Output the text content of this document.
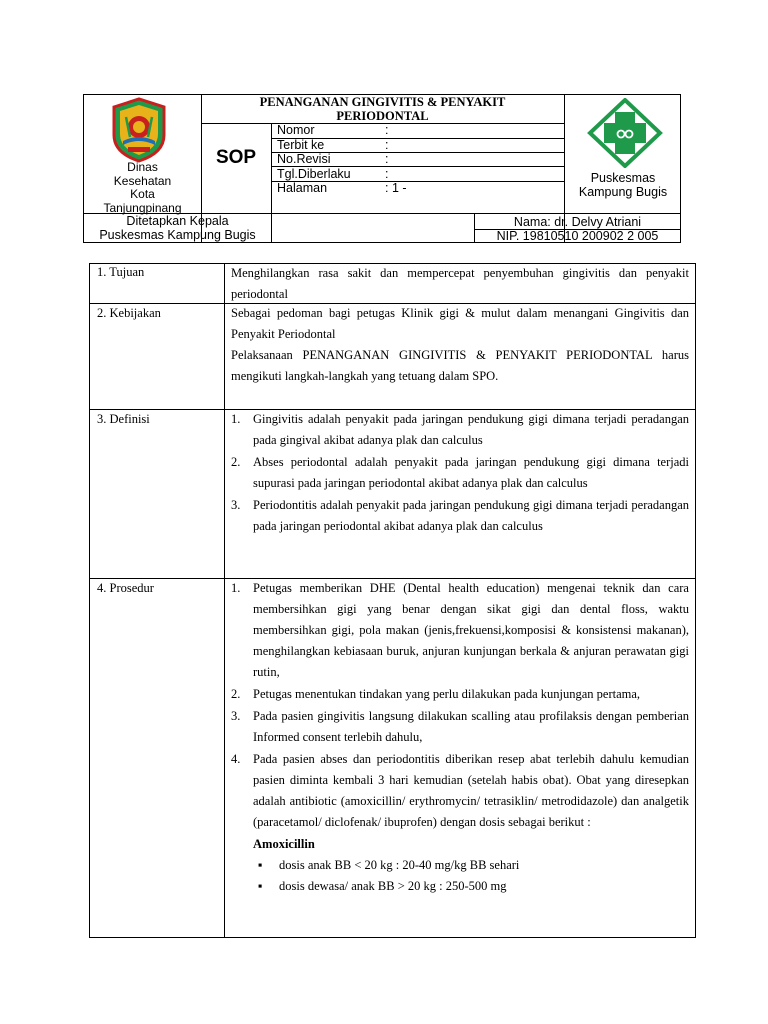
Dinas
Kesehatan
Kota
Tanjungpinang
PENANGANAN GINGIVITIS & PENYAKIT
PERIODONTAL
SOP
Nomor	:
Terbit ke	:
No.Revisi	:
Tgl.Diberlaku	:
Halaman	: 1 -
Puskesmas
Kampung Bugis
Ditetapkan Kepala
Puskesmas Kampung Bugis
Nama: dr. Delvy Atriani
NIP. 19810510 200902 2 005
1. Tujuan	Menghilangkan rasa sakit dan mempercepat penyembuhan gingivitis dan penyakit periodontal
2. Kebijakan	Sebagai pedoman bagi petugas Klinik gigi & mulut dalam menangani Gingivitis dan Penyakit Periodontal
Pelaksanaan PENANGANAN GINGIVITIS & PENYAKIT PERIODONTAL harus mengikuti langkah-langkah yang tetuang dalam SPO.
3. Definisi	1. Gingivitis adalah penyakit pada jaringan pendukung gigi dimana terjadi peradangan pada gingival akibat adanya plak dan calculus
2. Abses periodontal adalah penyakit pada jaringan pendukung gigi dimana terjadi supurasi pada jaringan periodontal akibat adanya plak dan calculus
3. Periodontitis adalah penyakit pada jaringan pendukung gigi dimana terjadi peradangan pada jaringan periodontal akibat adanya plak dan calculus
4. Prosedur	1. Petugas memberikan DHE (Dental health education) mengenai teknik dan cara membersihkan gigi yang benar dengan sikat gigi dan dental floss, waktu membersihkan gigi, pola makan (jenis,frekuensi,komposisi & konsistensi makanan), menghilangkan kebiasaan buruk, anjuran kunjungan berkala & anjuran perawatan gigi rutin,
2. Petugas menentukan tindakan yang perlu dilakukan pada kunjungan pertama,
3. Pada pasien gingivitis langsung dilakukan scalling atau profilaksis dengan pemberian Informed consent terlebih dahulu,
4. Pada pasien abses dan periodontitis diberikan resep abat terlebih dahulu kemudian pasien diminta kembali 3 hari kemudian (setelah habis obat). Obat yang diresepkan adalah antibiotic (amoxicillin/ erythromycin/ tetrasiklin/ metrodidazole) dan analgetik (paracetamol/ diclofenak/ ibuprofen) dengan dosis sebagai berikut :
Amoxicillin
▪ dosis anak BB < 20 kg : 20-40 mg/kg BB sehari
▪ dosis dewasa/ anak BB > 20 kg : 250-500 mg
